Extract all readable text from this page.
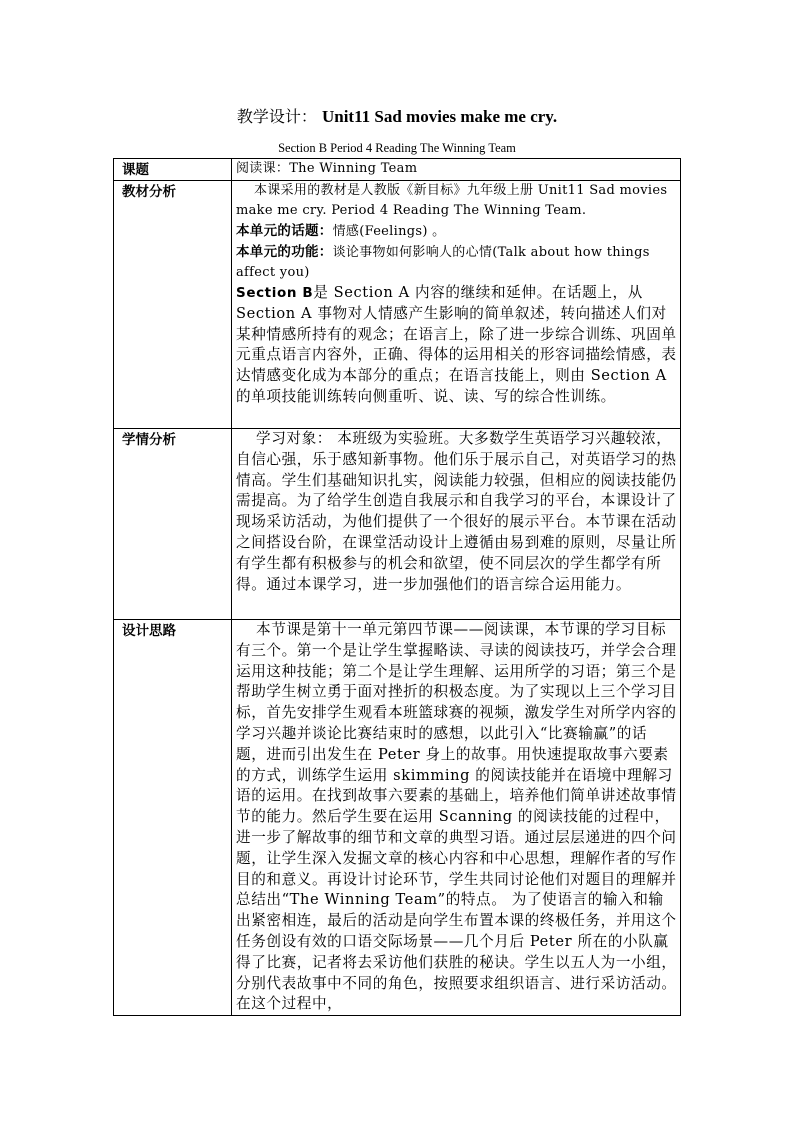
教学设计： Unit11 Sad movies make me cry.
Section B Period 4 Reading The Winning Team
课题	阅读课：The Winning Team

教材分析	本课采用的教材是人教版《新目标》九年级上册 Unit11 Sad movies make me cry. Period 4 Reading The Winning Team.

本单元的话题：情感(Feelings) 。

本单元的功能：谈论事物如何影响人的心情(Talk about how things affect you)

Section B是 Section A 内容的继续和延伸。在话题上，从 Section A 事物对人情感产生影响的简单叙述，转向描述人们对某种情感所持有的观念；在语言上，除了进一步综合训练、巩固单元重点语言内容外，正确、得体的运用相关的形容词描绘情感，表达情感变化成为本部分的重点；在语言技能上，则由 Section A 的单项技能训练转向侧重听、说、读、写的综合性训练。

学情分析	学习对象： 本班级为实验班。大多数学生英语学习兴趣较浓，自信心强，乐于感知新事物。他们乐于展示自己，对英语学习的热情高。学生们基础知识扎实，阅读能力较强，但相应的阅读技能仍需提高。为了给学生创造自我展示和自我学习的平台，本课设计了现场采访活动，为他们提供了一个很好的展示平台。本节课在活动之间搭设台阶，在课堂活动设计上遵循由易到难的原则，尽量让所有学生都有积极参与的机会和欲望，使不同层次的学生都学有所得。通过本课学习，进一步加强他们的语言综合运用能力。

设计思路	本节课是第十一单元第四节课——阅读课，本节课的学习目标有三个。第一个是让学生掌握略读、寻读的阅读技巧，并学会合理运用这种技能；第二个是让学生理解、运用所学的习语；第三个是帮助学生树立勇于面对挫折的积极态度。为了实现以上三个学习目标，首先安排学生观看本班篮球赛的视频，激发学生对所学内容的学习兴趣并谈论比赛结束时的感想，以此引入“比赛输赢”的话题，进而引出发生在 Peter 身上的故事。用快速提取故事六要素的方式，训练学生运用 skimming 的阅读技能并在语境中理解习语的运用。在找到故事六要素的基础上，培养他们简单讲述故事情节的能力。然后学生要在运用 Scanning 的阅读技能的过程中，进一步了解故事的细节和文章的典型习语。通过层层递进的四个问题，让学生深入发掘文章的核心内容和中心思想，理解作者的写作目的和意义。再设计讨论环节，学生共同讨论他们对题目的理解并总结出“The Winning Team”的特点。 为了使语言的输入和输出紧密相连，最后的活动是向学生布置本课的终极任务，并用这个任务创设有效的口语交际场景——几个月后 Peter 所在的小队赢得了比赛，记者将去采访他们获胜的秘诀。学生以五人为一小组，分别代表故事中不同的角色，按照要求组织语言、进行采访活动。在这个过程中，
